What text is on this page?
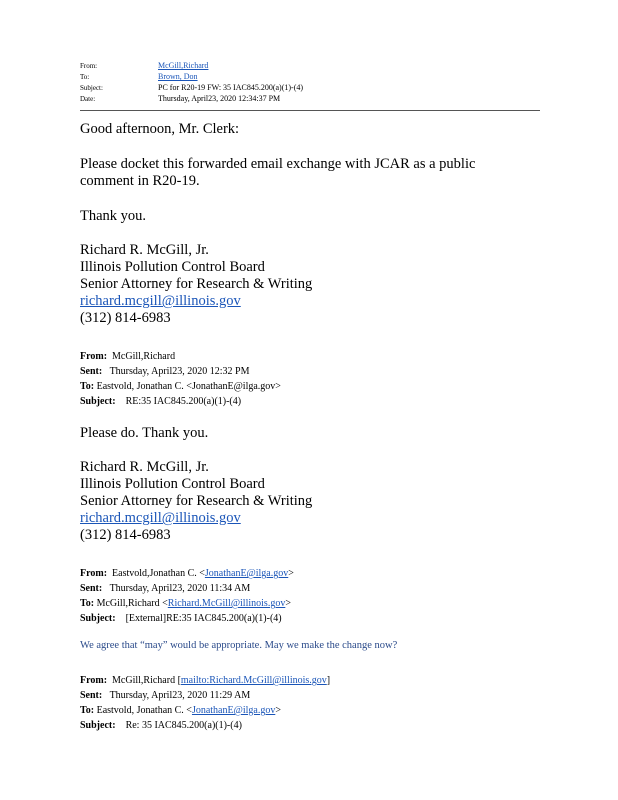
From:	McGill,Richard
To:	Brown, Don
Subject:	PC for R20-19 FW: 35 IAC845.200(a)(1)-(4)
Date:	Thursday, April23, 2020 12:34:37 PM
Good afternoon, Mr. Clerk:
Please docket this forwarded email exchange with JCAR as a public
comment in R20-19.
Thank you.
Richard R. McGill, Jr.
Illinois Pollution Control Board
Senior Attorney for Research & Writing
richard.mcgill@illinois.gov
(312) 814-6983
From: McGill,Richard
Sent: Thursday, April23, 2020 12:32 PM
To: Eastvold, Jonathan C. <JonathanE@ilga.gov>
Subject: RE:35 IAC845.200(a)(1)-(4)
Please do. Thank you.
Richard R. McGill, Jr.
Illinois Pollution Control Board
Senior Attorney for Research & Writing
richard.mcgill@illinois.gov
(312) 814-6983
From: Eastvold,Jonathan C. <JonathanE@ilga.gov>
Sent: Thursday, April23, 2020 11:34 AM
To: McGill,Richard <Richard.McGill@illinois.gov>
Subject: [External]RE:35 IAC845.200(a)(1)-(4)
We agree that “may” would be appropriate. May we make the change now?
From: McGill,Richard [mailto:Richard.McGill@illinois.gov]
Sent: Thursday, April23, 2020 11:29 AM
To: Eastvold, Jonathan C. <JonathanE@ilga.gov>
Subject: Re: 35 IAC845.200(a)(1)-(4)
